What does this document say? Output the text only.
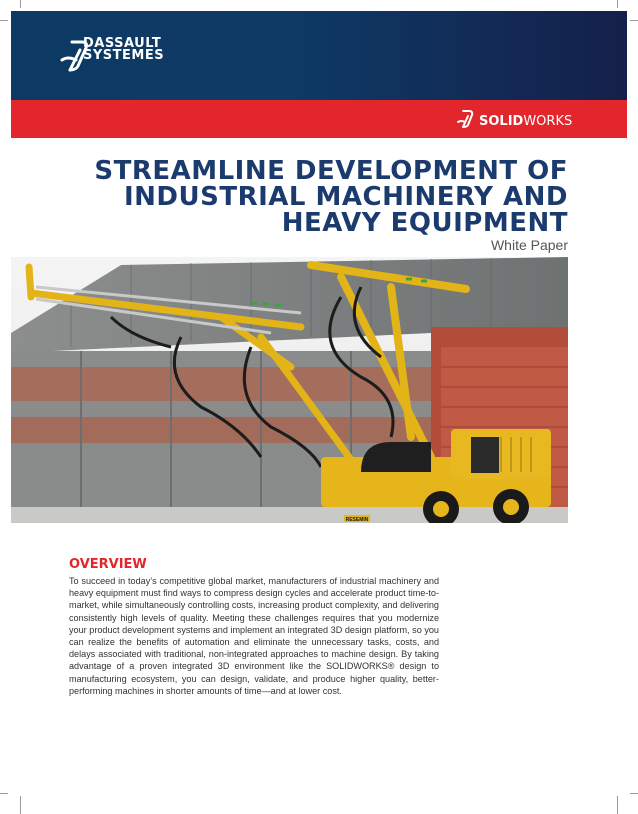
DASSAULT
SYSTEMES
SOLIDWORKS
STREAMLINE DEVELOPMENT OF
INDUSTRIAL MACHINERY AND
HEAVY EQUIPMENT
White Paper
RESEMIN
OVERVIEW
To succeed in today’s competitive global market, manufacturers of industrial machinery and heavy equipment must find ways to compress design cycles and accelerate product time-to-market, while simultaneously controlling costs, increasing product complexity, and delivering consistently high levels of quality. Meeting these challenges requires that you modernize your product development systems and implement an integrated 3D design platform, so you can realize the benefits of automation and eliminate the unnecessary tasks, costs, and delays associated with traditional, non-integrated approaches to machine design. By taking advantage of a proven integrated 3D environment like the SOLIDWORKS® design to manufacturing ecosystem, you can design, validate, and produce higher quality, better-performing machines in shorter amounts of time—and at lower cost.
